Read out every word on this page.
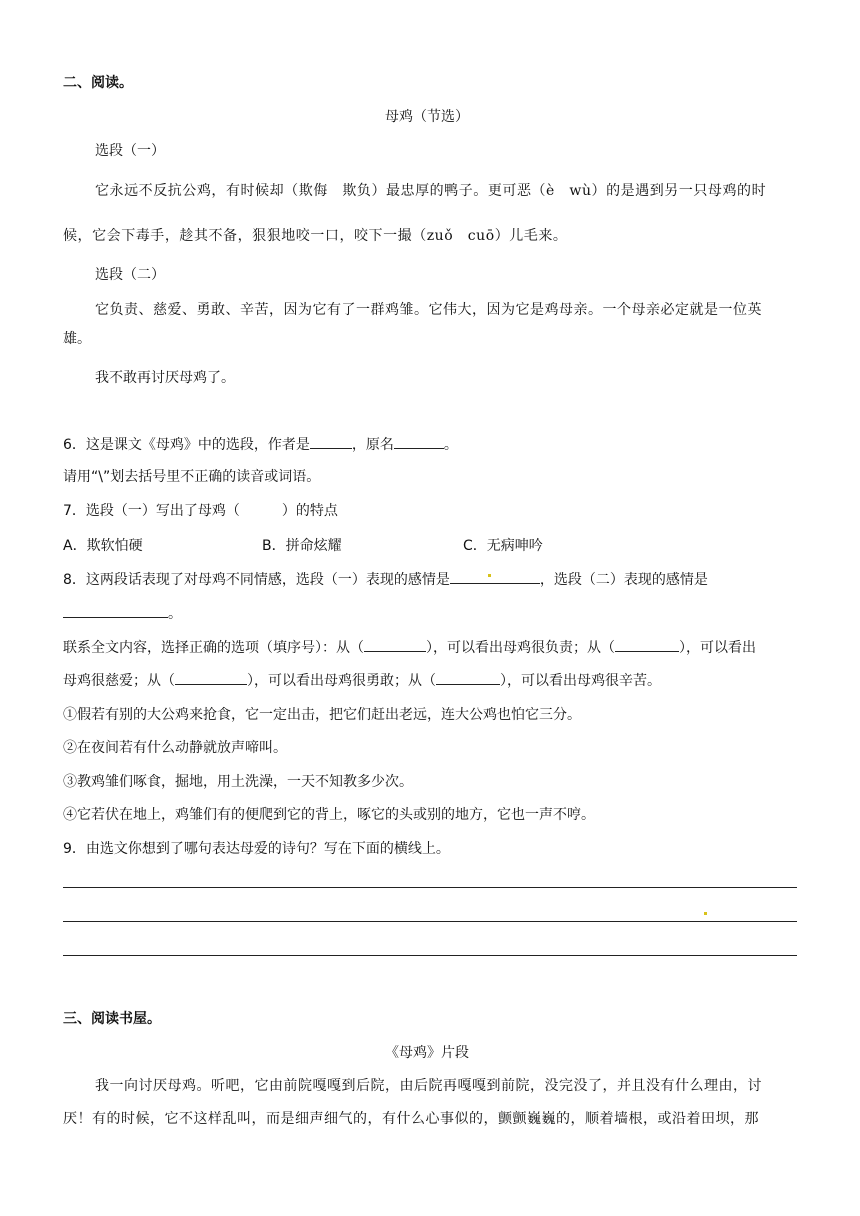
二、阅读。
母鸡（节选）
选段（一）
它永远不反抗公鸡，有时候却（欺侮　欺负）最忠厚的鸭子。更可恶（è　wù）的是遇到另一只母鸡的时
候，它会下毒手，趁其不备，狠狠地咬一口，咬下一撮（zuǒ　cuō）儿毛来。
选段（二）
它负责、慈爱、勇敢、辛苦，因为它有了一群鸡雏。它伟大，因为它是鸡母亲。一个母亲必定就是一位英
雄。
我不敢再讨厌母鸡了。
6．这是课文《母鸡》中的选段，作者是	，原名	。
请用“\”划去括号里不正确的读音或词语。
7．选段（一）写出了母鸡（　　　）的特点
A．欺软怕硬	B．拼命炫耀	C．无病呻吟
8．这两段话表现了对母鸡不同情感，选段（一）表现的感情是	，选段（二）表现的感情是
。
联系全文内容，选择正确的选项（填序号）：从（	），可以看出母鸡很负责；从（	），可以看出
母鸡很慈爱；从（	），可以看出母鸡很勇敢；从（	），可以看出母鸡很辛苦。
①假若有别的大公鸡来抢食，它一定出击，把它们赶出老远，连大公鸡也怕它三分。
②在夜间若有什么动静就放声啼叫。
③教鸡雏们啄食，掘地，用土洗澡，一天不知教多少次。
④它若伏在地上，鸡雏们有的便爬到它的背上，啄它的头或别的地方，它也一声不哼。
9．由选文你想到了哪句表达母爱的诗句？写在下面的横线上。
三、阅读书屋。
《母鸡》片段
我一向讨厌母鸡。听吧，它由前院嘎嘎到后院，由后院再嘎嘎到前院，没完没了，并且没有什么理由，讨
厌！有的时候，它不这样乱叫，而是细声细气的，有什么心事似的，颤颤巍巍的，顺着墙根，或沿着田坝，那
